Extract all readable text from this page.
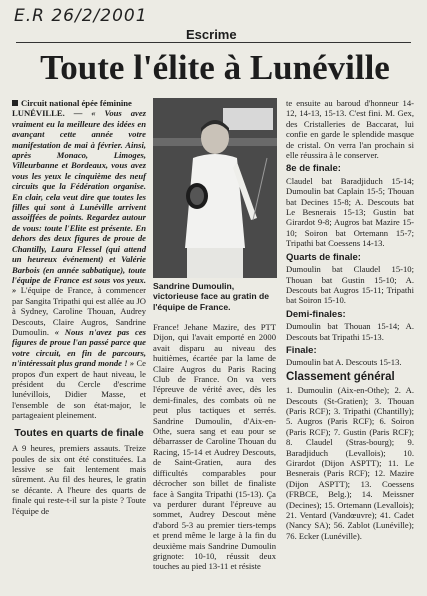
E.R 26/2/2001
Escrime
Toute l'élite à Lunéville

Circuit national épée féminine

LUNÉVILLE. — « Vous avez vraiment eu la meilleure des idées en avançant cette année votre manifestation de mai à février. Ainsi, après Monaco, Limoges, Villeurbanne et Bordeaux, vous avez vous les yeux le cinquième des neuf circuits que la Fédération organise. En clair, cela veut dire que toutes les filles qui sont à Lunéville arrivent assoiffées de points. Regardez autour de vous: toute l'Elite est présente. En dehors des deux figures de proue de Chantilly, Laura Flessel (qui attend un heureux événement) et Valérie Barbois (en année sabbatique), toute l'équipe de France est sous vos yeux. » L'équipe de France, à commencer par Sangita Tripathi qui est allée au JO à Sydney, Caroline Thouan, Audrey Descouts, Claire Augros, Sandrine Dumoulin. « Nous n'avez pas ces figures de proue l'an passé parce que votre circuit, en fin de parcours, n'intéressait plus grand monde ! » Ce propos d'un expert de haut niveau, le président du Cercle d'escrime lunévillois, Didier Masse, et l'ensemble de son état-major, le partageaient pleinement.

Toutes en quarts de finale

A 9 heures, premiers assauts. Treize poules de six ont été constituées. La lessive se fait lentement mais sûrement. Au fil des heures, le gratin se décante. A l'heure des quarts de finale qui reste-t-il sur la piste ? Toute l'équipe de

Sandrine Dumoulin, victorieuse face au gratin de l'équipe de France.

France! Jehane Mazire, des PTT Dijon, qui l'avait emporté en 2000 avait disparu au niveau des huitièmes, écartée par la lame de Claire Augros du Paris Racing Club de France. On va vers l'épreuve de vérité avec, dès les demi-finales, des combats où ne peut plus tactiques et serrés. Sandrine Dumoulin, d'Aix-en-Othe, suera sang et eau pour se débarrasser de Caroline Thouan du Racing, 15-14 et Audrey Descouts, de Saint-Gratien, aura des difficultés comparables pour décrocher son billet de finaliste face à Sangita Tripathi (15-13). Ça va perdurer durant l'épreuve au sommet, Audrey Descout mène d'abord 5-3 au premier tiers-temps et prend même le large à la fin du deuxième mais Sandrine Dumoulin grignote: 10-10, réussit deux touches au pied 13-11 et résiste

te ensuite au baroud d'honneur 14-12, 14-13, 15-13. C'est fini. M. Gex, des Cristalleries de Baccarat, lui confie en garde le splendide masque de cristal. On verra l'an prochain si elle réussira à le conserver.

8e de finale:

Claudel bat Baradjiduch 15-14; Dumoulin bat Caplain 15-5; Thouan bat Decines 15-8; A. Descouts bat Le Besnerais 15-13; Gustin bat Girardot 9-8; Augros bat Mazire 15-10; Soiron bat Ortemann 15-7; Tripathi bat Coessens 14-13.

Quarts de finale:

Dumoulin bat Claudel 15-10; Thouan bat Gustin 15-10; A. Descouts bat Augros 15-11; Tripathi bat Soiron 15-10.

Demi-finales:

Dumoulin bat Thouan 15-14; A. Descouts bat Tripathi 15-13.

Finale:

Dumoulin bat A. Descouts 15-13.

Classement général

1. Dumoulin (Aix-en-Othe); 2. A. Descouts (St-Gratien); 3. Thouan (Paris RCF); 3. Tripathi (Chantilly); 5. Augros (Paris RCF); 6. Soiron (Paris RCF); 7. Gustin (Paris RCF); 8. Claudel (Stras-bourg); 9. Baradjiduch (Levallois); 10. Girardot (Dijon ASPTT); 11. Le Besnerais (Paris RCF); 12. Mazire (Dijon ASPTT); 13. Coessens (FRBCE, Belg.); 14. Meissner (Decines); 15. Ortemann (Levallois); 21. Ventard (Vandœuvre); 41. Cadet (Nancy SA); 56. Zablot (Lunéville); 76. Ecker (Lunéville).
